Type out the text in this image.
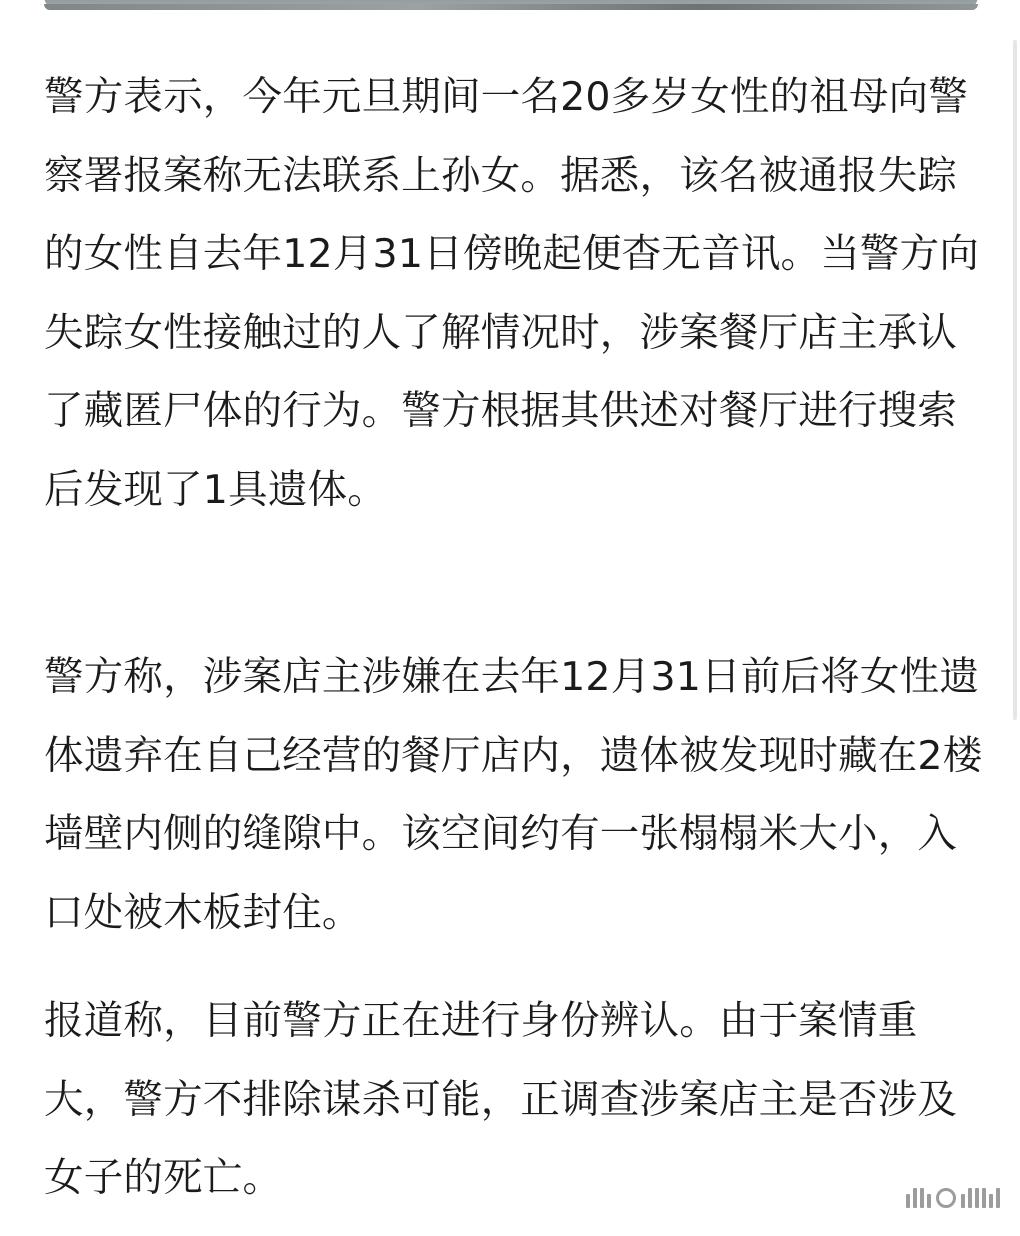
警方表示，今年元旦期间一名20多岁女性的祖母向警察署报案称无法联系上孙女。据悉，该名被通报失踪的女性自去年12月31日傍晚起便杳无音讯。当警方向失踪女性接触过的人了解情况时，涉案餐厅店主承认了藏匿尸体的行为。警方根据其供述对餐厅进行搜索后发现了1具遗体。

警方称，涉案店主涉嫌在去年12月31日前后将女性遗体遗弃在自己经营的餐厅店内，遗体被发现时藏在2楼墙壁内侧的缝隙中。该空间约有一张榻榻米大小，入口处被木板封住。

报道称，目前警方正在进行身份辨认。由于案情重大，警方不排除谋杀可能，正调查涉案店主是否涉及女子的死亡。
